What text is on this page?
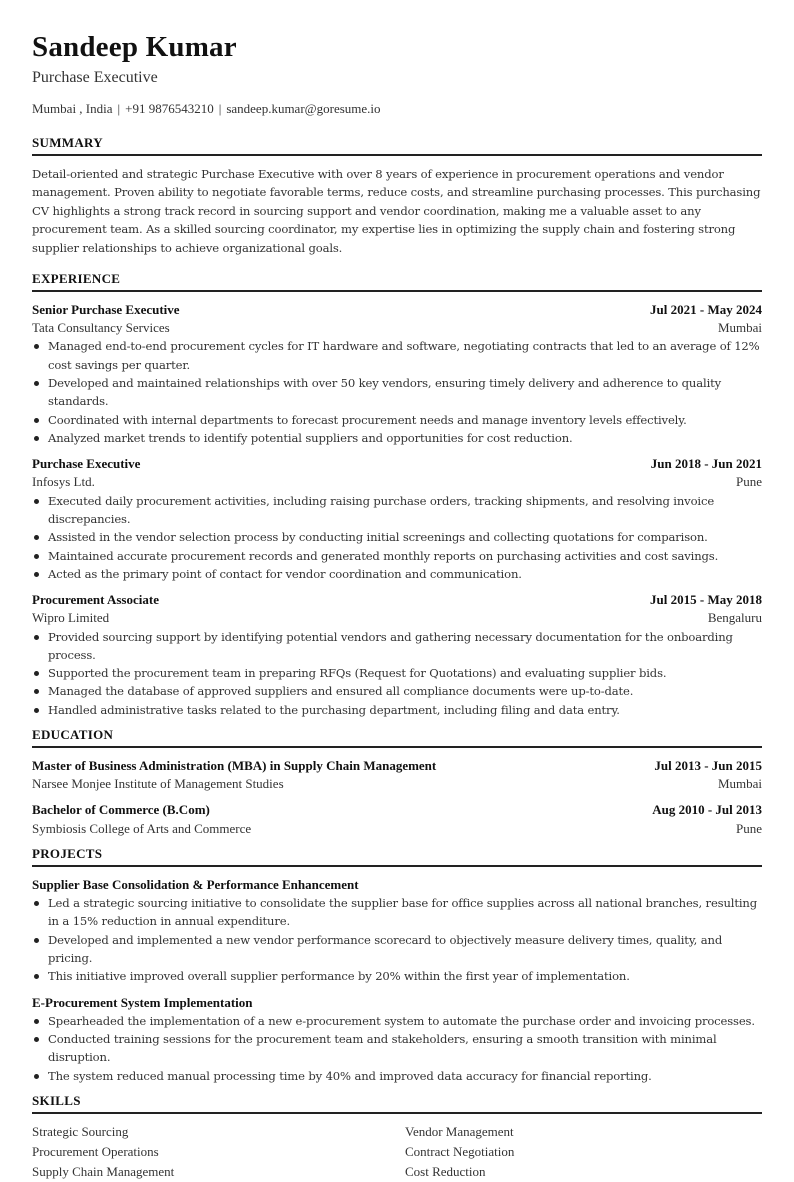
Sandeep Kumar
Purchase Executive
Mumbai , India | +91 9876543210 | sandeep.kumar@goresume.io
SUMMARY

Detail-oriented and strategic Purchase Executive with over 8 years of experience in procurement operations and vendor management. Proven ability to negotiate favorable terms, reduce costs, and streamline purchasing processes. This purchasing CV highlights a strong track record in sourcing support and vendor coordination, making me a valuable asset to any procurement team. As a skilled sourcing coordinator, my expertise lies in optimizing the supply chain and fostering strong supplier relationships to achieve organizational goals.

EXPERIENCE
Senior Purchase Executive	Jul 2021 - May 2024
Tata Consultancy Services	Mumbai
Managed end-to-end procurement cycles for IT hardware and software, negotiating contracts that led to an average of 12% cost savings per quarter.
Developed and maintained relationships with over 50 key vendors, ensuring timely delivery and adherence to quality standards.
Coordinated with internal departments to forecast procurement needs and manage inventory levels effectively.
Analyzed market trends to identify potential suppliers and opportunities for cost reduction.
Purchase Executive	Jun 2018 - Jun 2021
Infosys Ltd.	Pune
Executed daily procurement activities, including raising purchase orders, tracking shipments, and resolving invoice discrepancies.
Assisted in the vendor selection process by conducting initial screenings and collecting quotations for comparison.
Maintained accurate procurement records and generated monthly reports on purchasing activities and cost savings.
Acted as the primary point of contact for vendor coordination and communication.
Procurement Associate	Jul 2015 - May 2018
Wipro Limited	Bengaluru
Provided sourcing support by identifying potential vendors and gathering necessary documentation for the onboarding process.
Supported the procurement team in preparing RFQs (Request for Quotations) and evaluating supplier bids.
Managed the database of approved suppliers and ensured all compliance documents were up-to-date.
Handled administrative tasks related to the purchasing department, including filing and data entry.
EDUCATION
Master of Business Administration (MBA) in Supply Chain Management	Jul 2013 - Jun 2015
Narsee Monjee Institute of Management Studies	Mumbai
Bachelor of Commerce (B.Com)	Aug 2010 - Jul 2013
Symbiosis College of Arts and Commerce	Pune
PROJECTS
Supplier Base Consolidation & Performance Enhancement
Led a strategic sourcing initiative to consolidate the supplier base for office supplies across all national branches, resulting in a 15% reduction in annual expenditure.
Developed and implemented a new vendor performance scorecard to objectively measure delivery times, quality, and pricing.
This initiative improved overall supplier performance by 20% within the first year of implementation.
E-Procurement System Implementation
Spearheaded the implementation of a new e-procurement system to automate the purchase order and invoicing processes.
Conducted training sessions for the procurement team and stakeholders, ensuring a smooth transition with minimal disruption.
The system reduced manual processing time by 40% and improved data accuracy for financial reporting.
SKILLS
Strategic Sourcing	Vendor Management
Procurement Operations	Contract Negotiation
Supply Chain Management	Cost Reduction
